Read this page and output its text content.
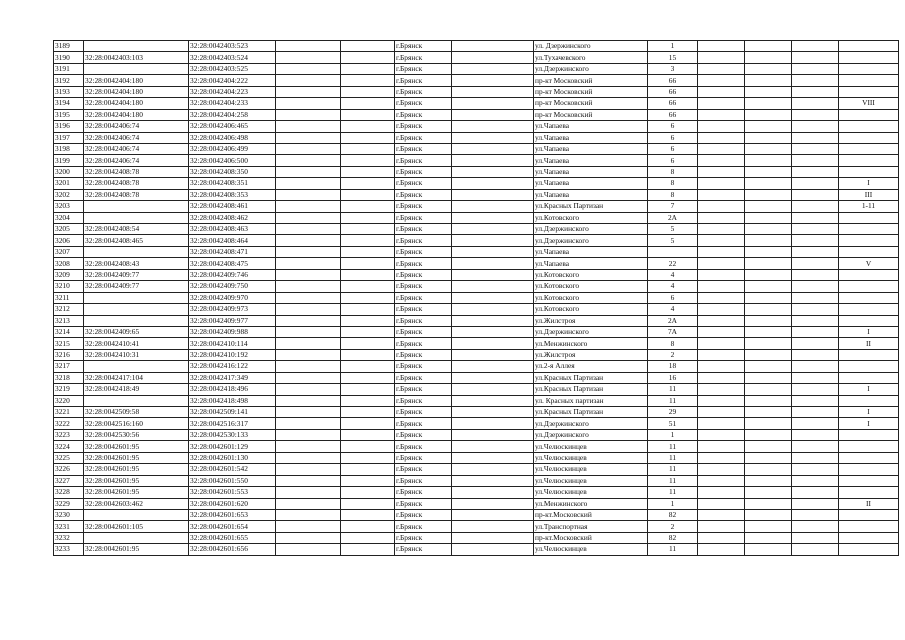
3189		32:28:0042403:523			г.Брянск		ул. Дзержинского	1				
3190	32:28:0042403:103	32:28:0042403:524			г.Брянск		ул.Тухачевского	15				
3191		32:28:0042403:525			г.Брянск		ул.Дзержинского	3				
3192	32:28:0042404:180	32:28:0042404:222			г.Брянск		пр-кт Московский	66				
3193	32:28:0042404:180	32:28:0042404:223			г.Брянск		пр-кт Московский	66				
3194	32:28:0042404:180	32:28:0042404:233			г.Брянск		пр-кт Московский	66				VIII
3195	32:28:0042404:180	32:28:0042404:258			г.Брянск		пр-кт Московский	66				
3196	32:28:0042406:74	32:28:0042406:465			г.Брянск		ул.Чапаева	6				
3197	32:28:0042406:74	32:28:0042406:498			г.Брянск		ул.Чапаева	6				
3198	32:28:0042406:74	32:28:0042406:499			г.Брянск		ул.Чапаева	6				
3199	32:28:0042406:74	32:28:0042406:500			г.Брянск		ул.Чапаева	6				
3200	32:28:0042408:78	32:28:0042408:350			г.Брянск		ул.Чапаева	8				
3201	32:28:0042408:78	32:28:0042408:351			г.Брянск		ул.Чапаева	8				I
3202	32:28:0042408:78	32:28:0042408:353			г.Брянск		ул.Чапаева	8				III
3203		32:28:0042408:461			г.Брянск		ул.Красных Партизан	7				1-11
3204		32:28:0042408:462			г.Брянск		ул.Котовского	2А				
3205	32:28:0042408:54	32:28:0042408:463			г.Брянск		ул.Дзержинского	5				
3206	32:28:0042408:465	32:28:0042408:464			г.Брянск		ул.Дзержинского	5				
3207		32:28:0042408:471			г.Брянск		ул.Чапаева					
3208	32:28:0042408:43	32:28:0042408:475			г.Брянск		ул.Чапаева	22				V
3209	32:28:0042409:77	32:28:0042409:746			г.Брянск		ул.Котовского	4				
3210	32:28:0042409:77	32:28:0042409:750			г.Брянск		ул.Котовского	4				
3211		32:28:0042409:970			г.Брянск		ул.Котовского	6				
3212		32:28:0042409:973			г.Брянск		ул.Котовского	4				
3213		32:28:0042409:977			г.Брянск		ул.Жилстроя	2А				
3214	32:28:0042409:65	32:28:0042409:988			г.Брянск		ул.Дзержинского	7А				I
3215	32:28:0042410:41	32:28:0042410:114			г.Брянск		ул.Менжинского	8				II
3216	32:28:0042410:31	32:28:0042410:192			г.Брянск		ул.Жилстроя	2				
3217		32:28:0042416:122			г.Брянск		ул.2-я Аллея	18				
3218	32:28:0042417:104	32:28:0042417:349			г.Брянск		ул.Красных Партизан	16				
3219	32:28:0042418:49	32:28:0042418:496			г.Брянск		ул.Красных Партизан	11				I
3220		32:28:0042418:498			г.Брянск		ул. Красных партизан	11				
3221	32:28:0042509:58	32:28:0042509:141			г.Брянск		ул.Красных Партизан	29				I
3222	32:28:0042516:160	32:28:0042516:317			г.Брянск		ул.Дзержинского	51				I
3223	32:28:0042530:56	32:28:0042530:133			г.Брянск		ул.Дзержинского	1				
3224	32:28:0042601:95	32:28:0042601:129			г.Брянск		ул.Челюскинцев	11				
3225	32:28:0042601:95	32:28:0042601:130			г.Брянск		ул.Челюскинцев	11				
3226	32:28:0042601:95	32:28:0042601:542			г.Брянск		ул.Челюскинцев	11				
3227	32:28:0042601:95	32:28:0042601:550			г.Брянск		ул.Челюскинцев	11				
3228	32:28:0042601:95	32:28:0042601:553			г.Брянск		ул.Челюскинцев	11				
3229	32:28:0042603:462	32:28:0042601:620			г.Брянск		ул.Менжинского	1				II
3230		32:28:0042601:653			г.Брянск		пр-кт.Московский	82				
3231	32:28:0042601:105	32:28:0042601:654			г.Брянск		ул.Транспортная	2				
3232		32:28:0042601:655			г.Брянск		пр-кт.Московский	82				
3233	32:28:0042601:95	32:28:0042601:656			г.Брянск		ул.Челюскинцев	11				
